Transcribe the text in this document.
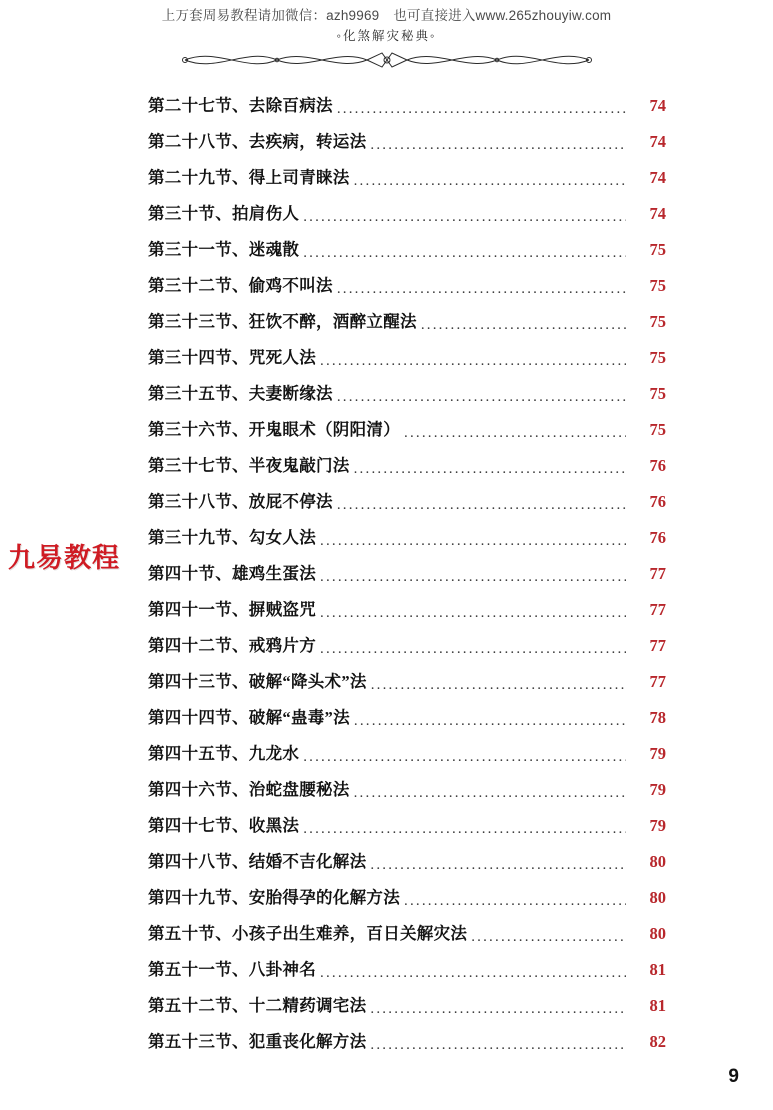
上万套周易教程请加微信：azh9969 也可直接进入www.265zhouyiw.com
◦化煞解灾秘典◦
第二十七节、去除百病法 .....	74
第二十八节、去疾病，转运法 .....	74
第二十九节、得上司青睐法 .....	74
第三十节、拍肩伤人 .....	74
第三十一节、迷魂散 .....	75
第三十二节、偷鸡不叫法 .....	75
第三十三节、狂饮不醉，酒醉立醒法 .....	75
第三十四节、咒死人法 .....	75
第三十五节、夫妻断缘法 .....	75
第三十六节、开鬼眼术（阴阳清） .....	75
第三十七节、半夜鬼敲门法 .....	76
第三十八节、放屁不停法 .....	76
第三十九节、勾女人法 .....	76
第四十节、雄鸡生蛋法 .....	77
第四十一节、摒贼盗咒 .....	77
第四十二节、戒鸦片方 .....	77
第四十三节、破解“降头术”法 .....	77
第四十四节、破解“蛊毒”法 .....	78
第四十五节、九龙水 .....	79
第四十六节、治蛇盘腰秘法 .....	79
第四十七节、收黑法 .....	79
第四十八节、结婚不吉化解法 .....	80
第四十九节、安胎得孕的化解方法 .....	80
第五十节、小孩子出生难养，百日关解灾法 .....	80
第五十一节、八卦神名 .....	81
第五十二节、十二精药调宅法 .....	81
第五十三节、犯重丧化解方法 .....	82
九易教程
9
